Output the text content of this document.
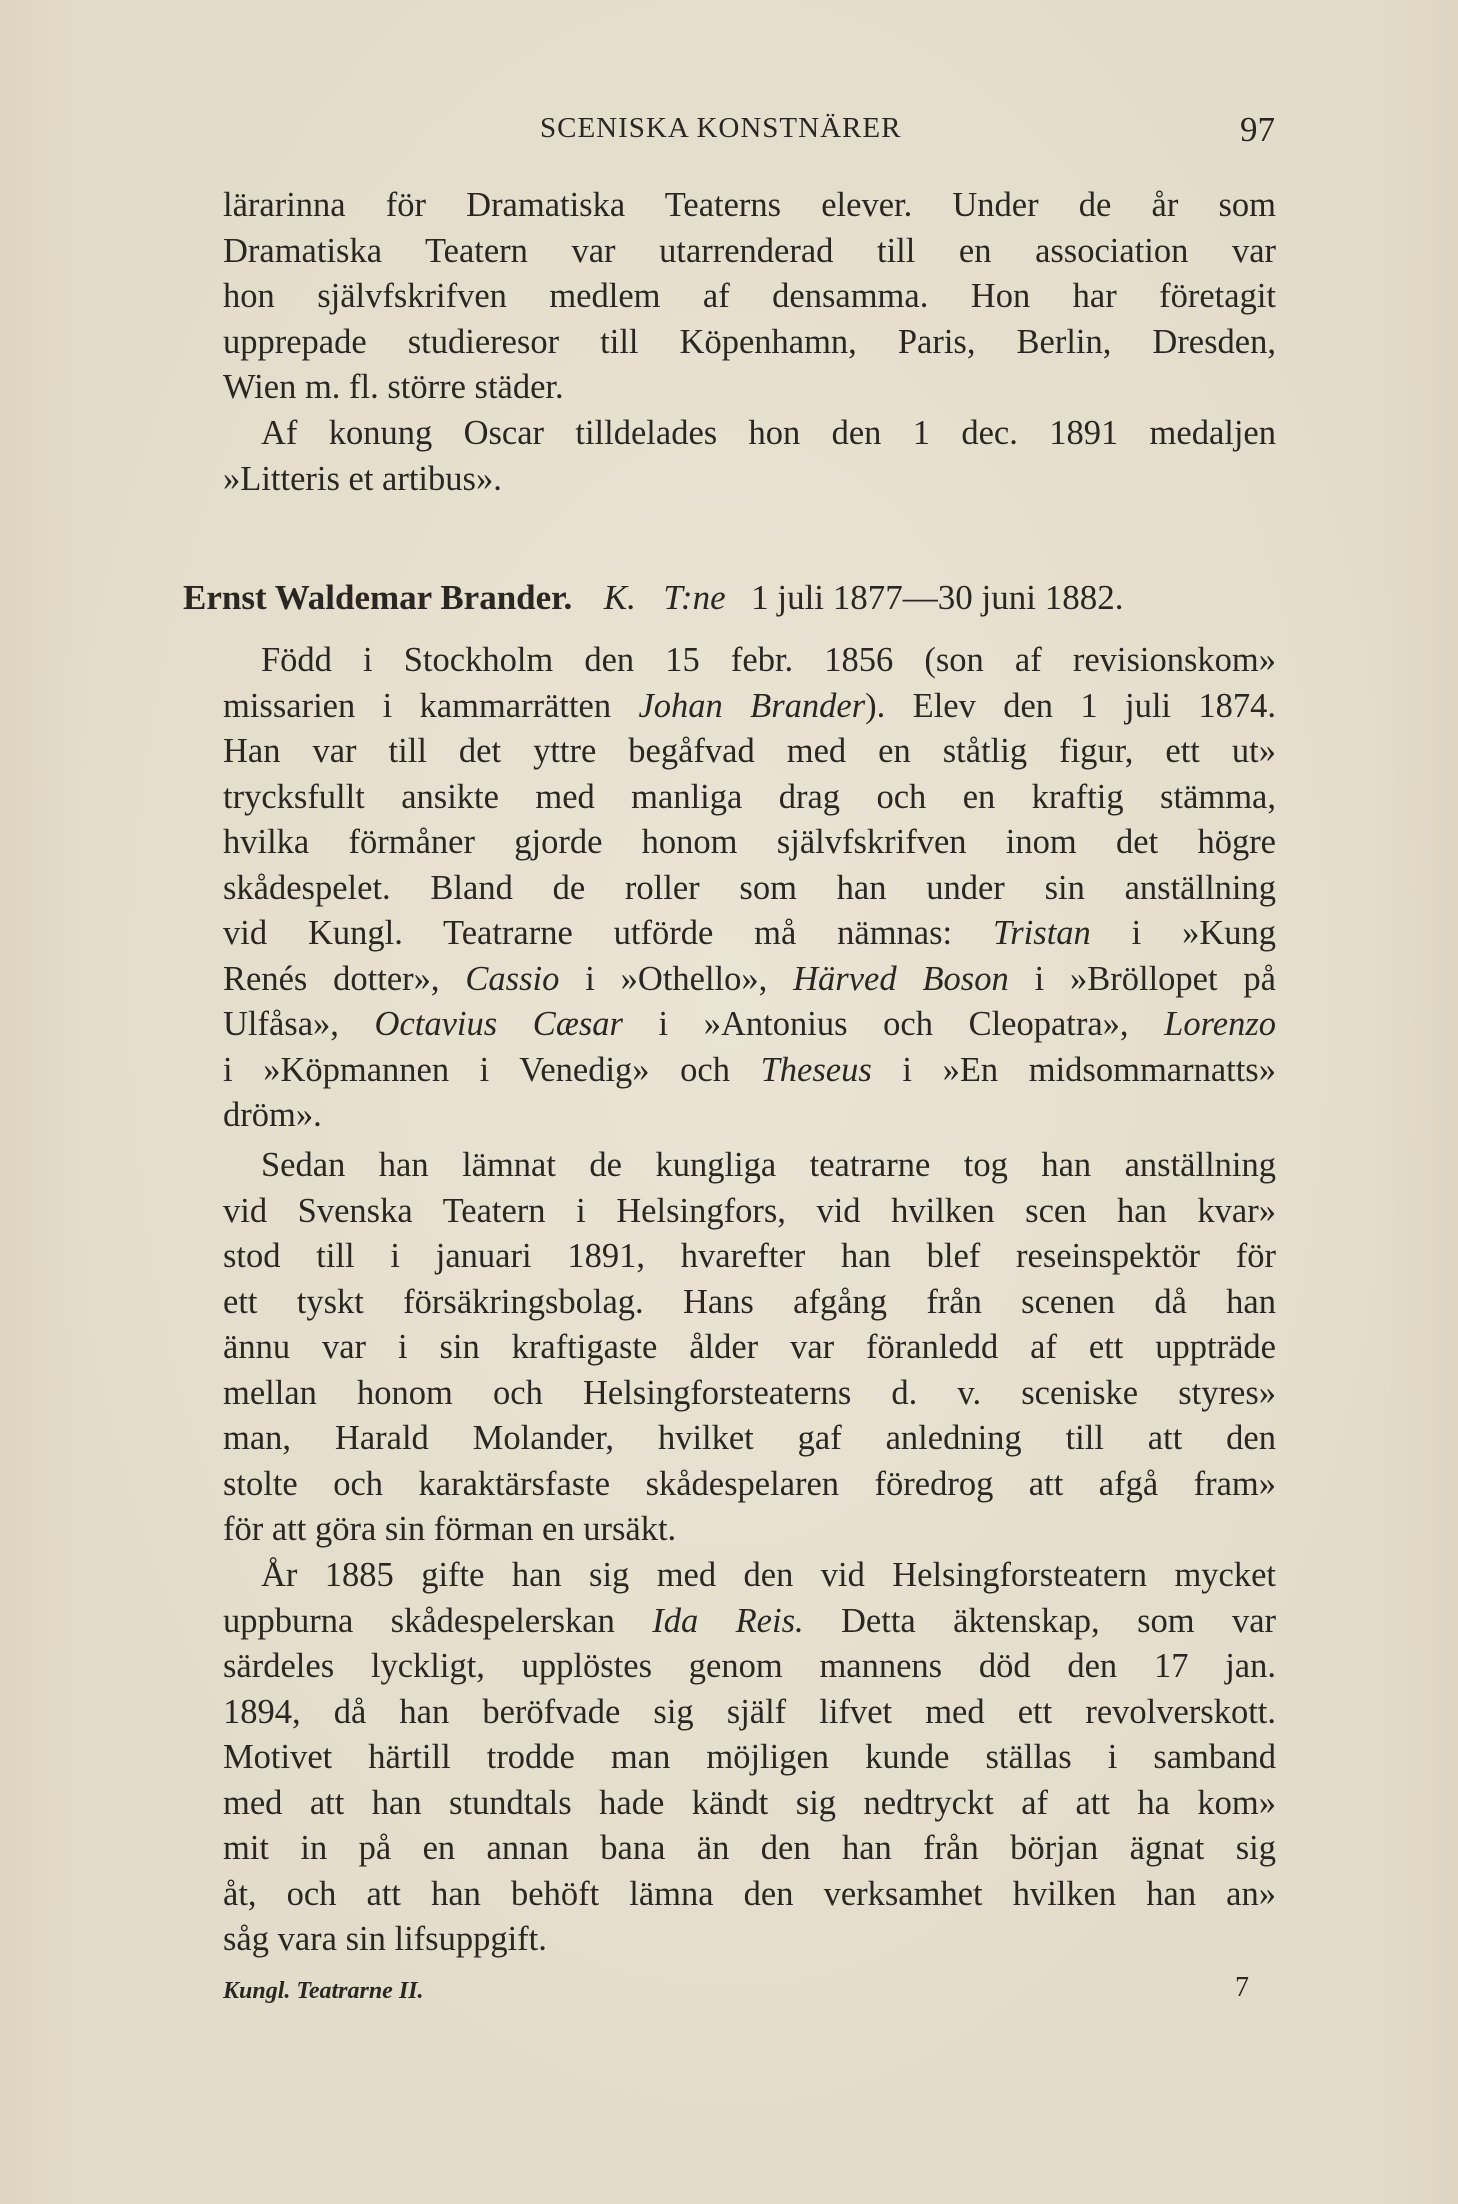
SCENISKA KONSTNÄRER	97
lärarinna för Dramatiska Teaterns elever. Under de år som
Dramatiska Teatern var utarrenderad till en association var
hon självfskrifven medlem af densamma. Hon har företagit
upprepade studieresor till Köpenhamn, Paris, Berlin, Dresden,
Wien m. fl. större städer.
Af konung Oscar tilldelades hon den 1 dec. 1891 medaljen
»Litteris et artibus».
Ernst Waldemar Brander. K. T:ne 1 juli 1877—30 juni 1882.
Född i Stockholm den 15 febr. 1856 (son af revisionskom»
missarien i kammarrätten Johan Brander). Elev den 1 juli 1874.
Han var till det yttre begåfvad med en ståtlig figur, ett ut»
trycksfullt ansikte med manliga drag och en kraftig stämma,
hvilka förmåner gjorde honom självfskrifven inom det högre
skådespelet. Bland de roller som han under sin anställning
vid Kungl. Teatrarne utförde må nämnas: Tristan i »Kung
Renés dotter», Cassio i »Othello», Härved Boson i »Bröllopet på
Ulfåsa», Octavius Cæsar i »Antonius och Cleopatra», Lorenzo
i »Köpmannen i Venedig» och Theseus i »En midsommarnatts»
dröm».
Sedan han lämnat de kungliga teatrarne tog han anställning
vid Svenska Teatern i Helsingfors, vid hvilken scen han kvar»
stod till i januari 1891, hvarefter han blef reseinspektör för
ett tyskt försäkringsbolag. Hans afgång från scenen då han
ännu var i sin kraftigaste ålder var föranledd af ett uppträde
mellan honom och Helsingforsteaterns d. v. sceniske styres»
man, Harald Molander, hvilket gaf anledning till att den
stolte och karaktärsfaste skådespelaren föredrog att afgå fram»
för att göra sin förman en ursäkt.
År 1885 gifte han sig med den vid Helsingforsteatern mycket
uppburna skådespelerskan Ida Reis. Detta äktenskap, som var
särdeles lyckligt, upplöstes genom mannens död den 17 jan.
1894, då han beröfvade sig själf lifvet med ett revolverskott.
Motivet härtill trodde man möjligen kunde ställas i samband
med att han stundtals hade kändt sig nedtryckt af att ha kom»
mit in på en annan bana än den han från början ägnat sig
åt, och att han behöft lämna den verksamhet hvilken han an»
såg vara sin lifsuppgift.
Kungl. Teatrarne II.	7
